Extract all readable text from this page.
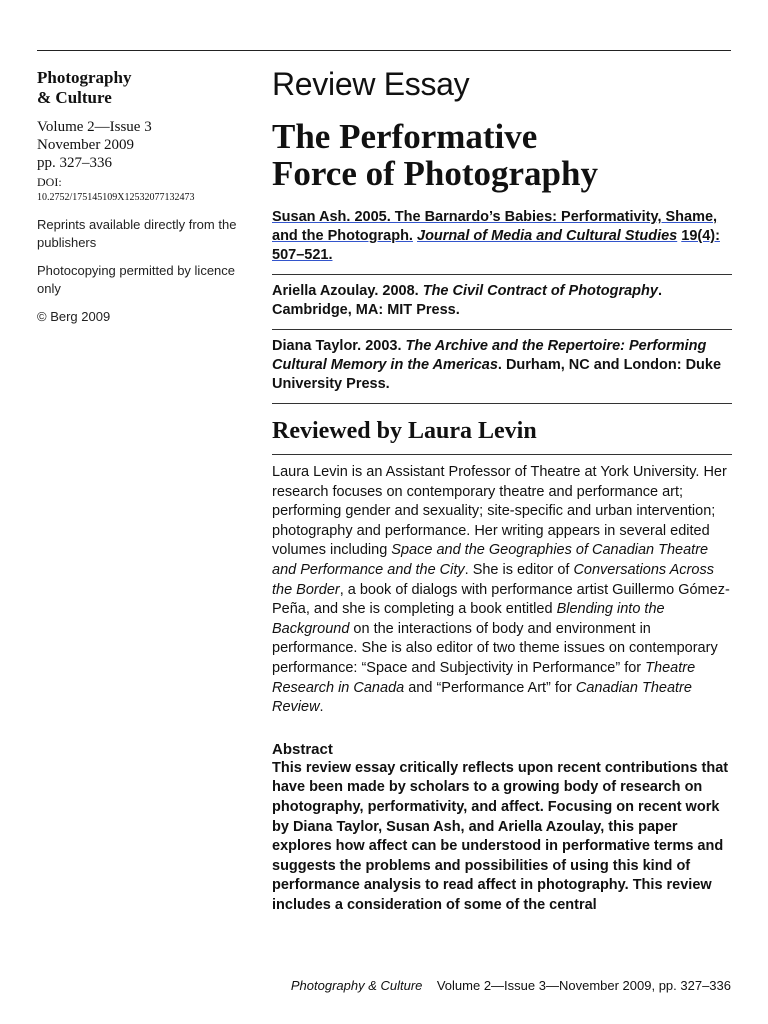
Photography
& Culture
Volume 2—Issue 3
November 2009
pp. 327–336
DOI:
10.2752/175145109X12532077132473
Reprints available directly from the publishers
Photocopying permitted by licence only
© Berg 2009
Review Essay
The Performative
Force of Photography
Susan Ash. 2005. The Barnardo’s Babies: Performativity, Shame, and the Photograph. Journal of Media and Cultural Studies 19(4): 507–521.
Ariella Azoulay. 2008. The Civil Contract of Photography. Cambridge, MA: MIT Press.
Diana Taylor. 2003. The Archive and the Repertoire: Performing Cultural Memory in the Americas. Durham, NC and London: Duke University Press.
Reviewed by Laura Levin
Laura Levin is an Assistant Professor of Theatre at York University. Her research focuses on contemporary theatre and performance art; performing gender and sexuality; site-specific and urban intervention; photography and performance. Her writing appears in several edited volumes including Space and the Geographies of Canadian Theatre and Performance and the City. She is editor of Conversations Across the Border, a book of dialogs with performance artist Guillermo Gómez-Peña, and she is completing a book entitled Blending into the Background on the interactions of body and environment in performance. She is also editor of two theme issues on contemporary performance: “Space and Subjectivity in Performance” for Theatre Research in Canada and “Performance Art” for Canadian Theatre Review.
Abstract
This review essay critically reflects upon recent contributions that have been made by scholars to a growing body of research on photography, performativity, and affect. Focusing on recent work by Diana Taylor, Susan Ash, and Ariella Azoulay, this paper explores how affect can be understood in performative terms and suggests the problems and possibilities of using this kind of performance analysis to read affect in photography. This review includes a consideration of some of the central
Photography & Culture    Volume 2—Issue 3—November 2009, pp. 327–336
